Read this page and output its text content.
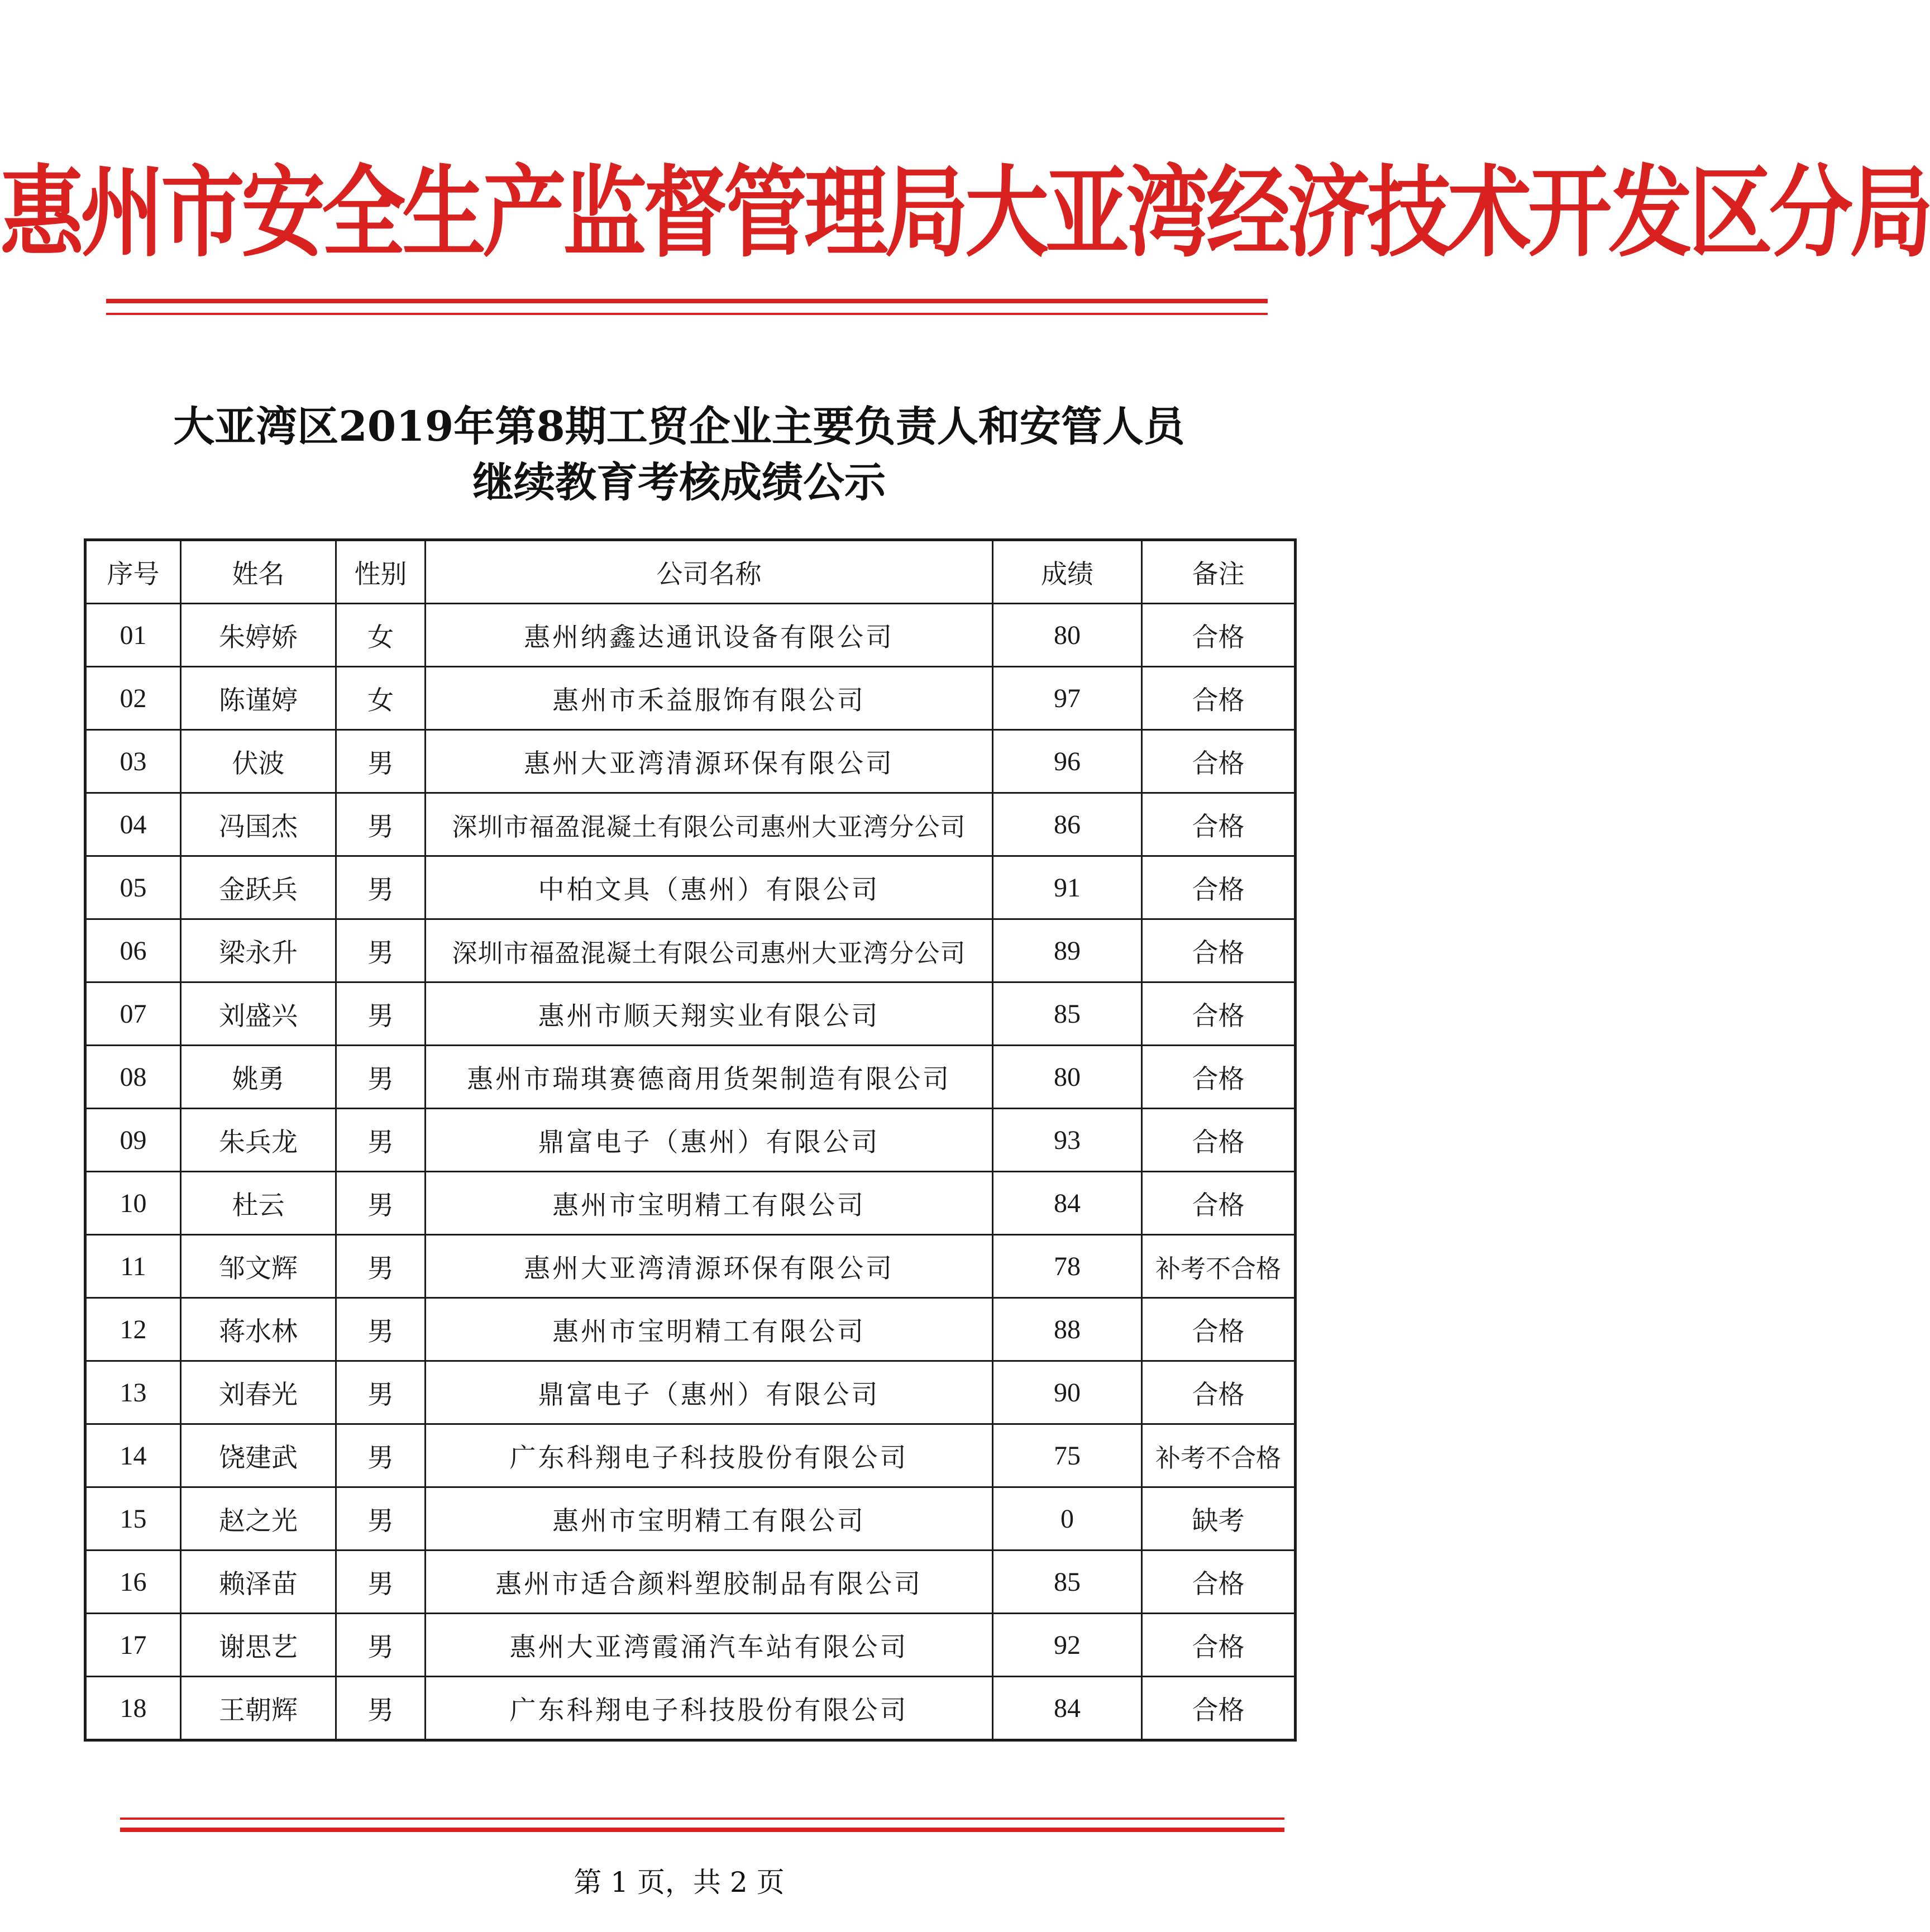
惠州市安全生产监督管理局大亚湾经济技术开发区分局
大亚湾区2019年第8期工贸企业主要负责人和安管人员
继续教育考核成绩公示
序号	姓名	性别	公司名称	成绩	备注
01	朱婷娇	女	惠州纳鑫达通讯设备有限公司	80	合格
02	陈谨婷	女	惠州市禾益服饰有限公司	97	合格
03	伏波	男	惠州大亚湾清源环保有限公司	96	合格
04	冯国杰	男	深圳市福盈混凝土有限公司惠州大亚湾分公司	86	合格
05	金跃兵	男	中柏文具（惠州）有限公司	91	合格
06	梁永升	男	深圳市福盈混凝土有限公司惠州大亚湾分公司	89	合格
07	刘盛兴	男	惠州市顺天翔实业有限公司	85	合格
08	姚勇	男	惠州市瑞琪赛德商用货架制造有限公司	80	合格
09	朱兵龙	男	鼎富电子（惠州）有限公司	93	合格
10	杜云	男	惠州市宝明精工有限公司	84	合格
11	邹文辉	男	惠州大亚湾清源环保有限公司	78	补考不合格
12	蒋水林	男	惠州市宝明精工有限公司	88	合格
13	刘春光	男	鼎富电子（惠州）有限公司	90	合格
14	饶建武	男	广东科翔电子科技股份有限公司	75	补考不合格
15	赵之光	男	惠州市宝明精工有限公司	0	缺考
16	赖泽苗	男	惠州市适合颜料塑胶制品有限公司	85	合格
17	谢思艺	男	惠州大亚湾霞涌汽车站有限公司	92	合格
18	王朝辉	男	广东科翔电子科技股份有限公司	84	合格
第 1 页，共 2 页
